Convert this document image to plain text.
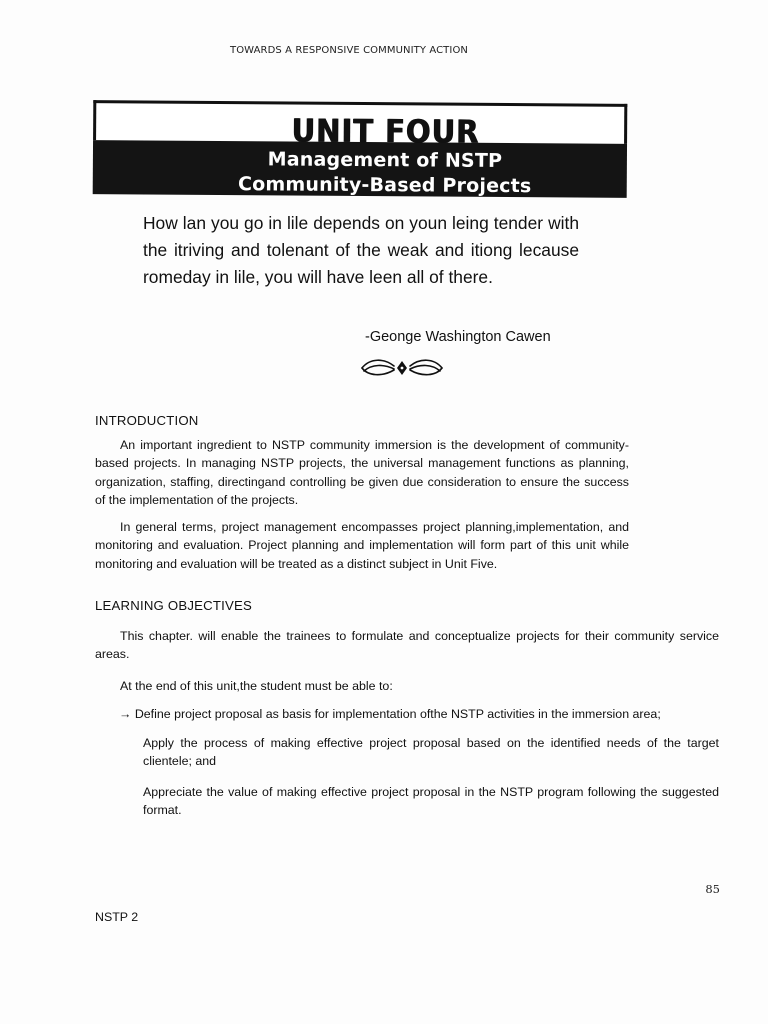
TOWARDS A RESPONSIVE COMMUNITY ACTION
UNIT FOUR
Management of NSTP
Community-Based Projects
How lan you go in lile depends on youn leing tender with the itriving and tolenant of the weak and itiong lecause romeday in lile, you will have leen all of there.
-Geonge Washington Cawen
INTRODUCTION
An important ingredient to NSTP community immersion is the development of community-based projects. In managing NSTP projects, the universal management functions as planning, organization, staffing, directingand controlling be given due consideration to ensure the success of the implementation of the projects.
In general terms, project management encompasses project planning,implementation, and monitoring and evaluation. Project planning and implementation will form part of this unit while monitoring and evaluation will be treated as a distinct subject in Unit Five.
LEARNING OBJECTIVES
This chapter. will enable the trainees to formulate and conceptualize projects for their community service areas.
At the end of this unit,the student must be able to:
→ Define project proposal as basis for implementation ofthe NSTP activities in the immersion area;
Apply the process of making effective project proposal based on the identified needs of the target clientele; and
Appreciate the value of making effective project proposal in the NSTP program following the suggested format.
85
NSTP 2
